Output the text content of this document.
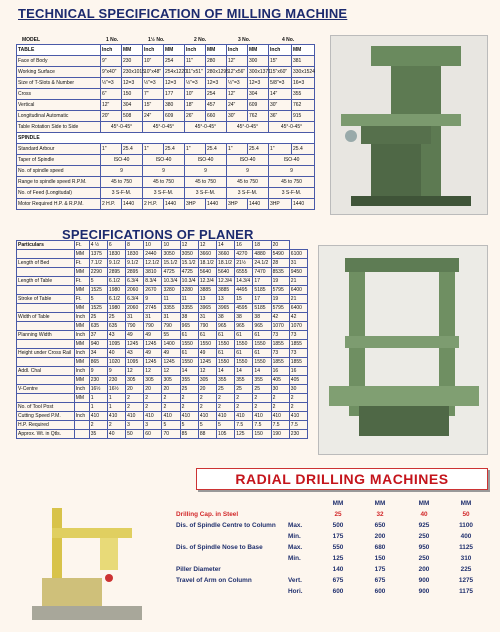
TECHNICAL SPECIFICATION OF MILLING MACHINE
MODEL	1 No.	1½ No.	2 No.	3 No.	4 No.
TABLE	Inch	MM	Inch	MM	Inch	MM	Inch	MM	Inch	MM
Face of Body	9"	230	10"	254	11"	280	12"	300	15"	381
Working Surface	9"x40"	230x1015	10"x48"	254x1220	11"x51"	280x1295	12"x56"	300x1371	15"x60"	330x1524
Size of T-Slots & Number	½"=3	12=3	½"=3	12=3	½"=3	12=3	½"=3	12=3	5/8"=3	16=3
Cross	6"	150	7"	177	10"	254	12"	304	14"	355
Vertical	12"	304	15"	380	18"	457	24"	609	30"	762
Longitudinal Automatic	20"	508	24"	609	26"	660	30"	762	36"	915
Table Rotation Side to Side	45°-0-45°		45°-0-45°		45°-0-45°		45°-0-45°		45°-0-45°	
SPINDLE										
Standard Arbour	1"	25.4	1"	25.4	1"	25.4	1"	25.4	1"	25.4
Taper of Spindle	ISO-40		ISO-40		ISO-40		ISO-40		ISO-40	
No. of spindle speed	9		9		9		9		9	
Range to spindle speed R.P.M.	45 to 750		45 to 750		45 to 750		45 to 750		45 to 750	
No. of Feed (Longitudal)	3 S-F-M.		3 S-F-M.		3 S-F-M.		3 S-F-M.		3 S-F-M.	
Motor Required H.P. & R.P.M.	2 H.P.	1440	2 H.P.	1440	3HP	1440	3HP	1440	3HP	1440
SPECIFICATIONS OF PLANER
Particulars	Ft.	4 ½	6	8	10	10	12	12	14	16	18	20	
	MM	1375	1830	1830	2440	3050	3050	3660	3660	4270	4880	5490	6100
Length of Bed	Ft.	7.1/2	9.1/2	9.1/2	12.1/2	15.1/2	15.1/2	18.1/2	18.1/2	21½	24.1/2	28	31
	MM	2290	2895	2895	3810	4725	4725	5640	5640	6555	7470	8535	9450
Length of Table	Ft.	5	6.1/2	6.3/4	8.3/4	10.3/4	10.3/4	12.3/4	12.3/4	14.3/4	17	19	21
	MM	1525	1980	2060	2670	3280	3280	3885	3885	4495	5185	5795	6400
Stroke of Table	Ft.	5	6.1/2	6.3/4	9	11	11	13	13	15	17	19	21
	MM	1525	1980	2060	2745	3355	3355	3965	3965	4595	5185	5795	6400
Width of Table	Inch	25	25	31	31	31	38	31	38	38	38	42	42
	MM	635	635	790	790	790	965	790	965	965	965	1070	1070
Planning Width	Inch	37	43	49	49	55	61	61	61	61	61	73	73
	MM	940	1095	1245	1245	1400	1550	1550	1550	1550	1550	1855	1855
Height under Cross Rail	Inch	34	40	43	49	49	61	49	61	61	61	73	73
	MM	865	1020	1095	1245	1245	1550	1245	1550	1550	1550	1855	1855
Addl. Chal	Inch	9	9	12	12	12	14	12	14	14	14	16	16
	MM	230	230	305	305	305	355	305	355	355	355	405	405
V-Centre	Inch	16½	16½	20	20	20	25	20	25	25	25	30	30
	MM	1	1	2	2	2	2	2	2	2	2	2	2
No. of Tool Post		1	1	2	2	2	2	2	2	2	2	2	2
Cutting Speed P.M.	Inch	410	410	410	410	410	410	410	410	410	410	410	410
H.P. Required		2	2	3	3	5	5	5	5	7.5	7.5	7.5	7.5
Approx. Wt. in Qtls.		35	40	50	60	70	85	88	105	125	150	190	230
RADIAL DRILLING MACHINES
MM	MM	MM	MM
Drilling Cap. in Steel	25	32	40	50
Dis. of Spindle Centre to Column Max.	500	650	925	1100
Min.	175	200	250	400
Dis. of Spindle Nose to Base	Max.	550	680	950	1125
Min.	125	150	250	310
Piller Diameter	140	175	200	225
Travel of Arm on Column	Vert.	675	675	900	1275
Hori.	600	600	900	1175
